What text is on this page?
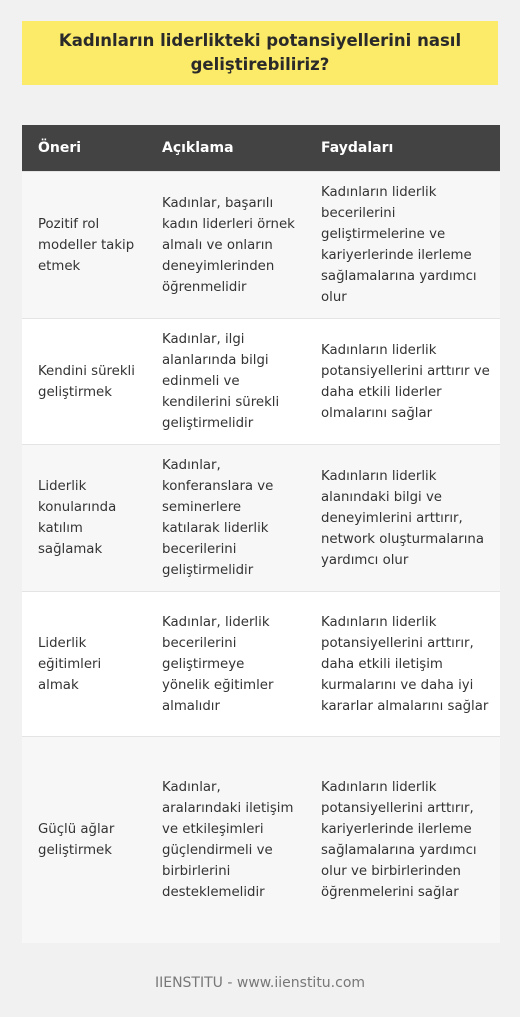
Kadınların liderlikteki potansiyellerini nasıl geliştirebiliriz?
Öneri	Açıklama	Faydaları
Pozitif rol modeller takip etmek	Kadınlar, başarılı kadın liderleri örnek almalı ve onların deneyimlerinden öğrenmelidir	Kadınların liderlik becerilerini geliştirmelerine ve kariyerlerinde ilerleme sağlamalarına yardımcı olur
Kendini sürekli geliştirmek	Kadınlar, ilgi alanlarında bilgi edinmeli ve kendilerini sürekli geliştirmelidir	Kadınların liderlik potansiyellerini arttırır ve daha etkili liderler olmalarını sağlar
Liderlik konularında katılım sağlamak	Kadınlar, konferanslara ve seminerlere katılarak liderlik becerilerini geliştirmelidir	Kadınların liderlik alanındaki bilgi ve deneyimlerini arttırır, network oluşturmalarına yardımcı olur
Liderlik eğitimleri almak	Kadınlar, liderlik becerilerini geliştirmeye yönelik eğitimler almalıdır	Kadınların liderlik potansiyellerini arttırır, daha etkili iletişim kurmalarını ve daha iyi kararlar almalarını sağlar
Güçlü ağlar geliştirmek	Kadınlar, aralarındaki iletişim ve etkileşimleri güçlendirmeli ve birbirlerini desteklemelidir	Kadınların liderlik potansiyellerini arttırır, kariyerlerinde ilerleme sağlamalarına yardımcı olur ve birbirlerinden öğrenmelerini sağlar
IIENSTITU - www.iienstitu.com
